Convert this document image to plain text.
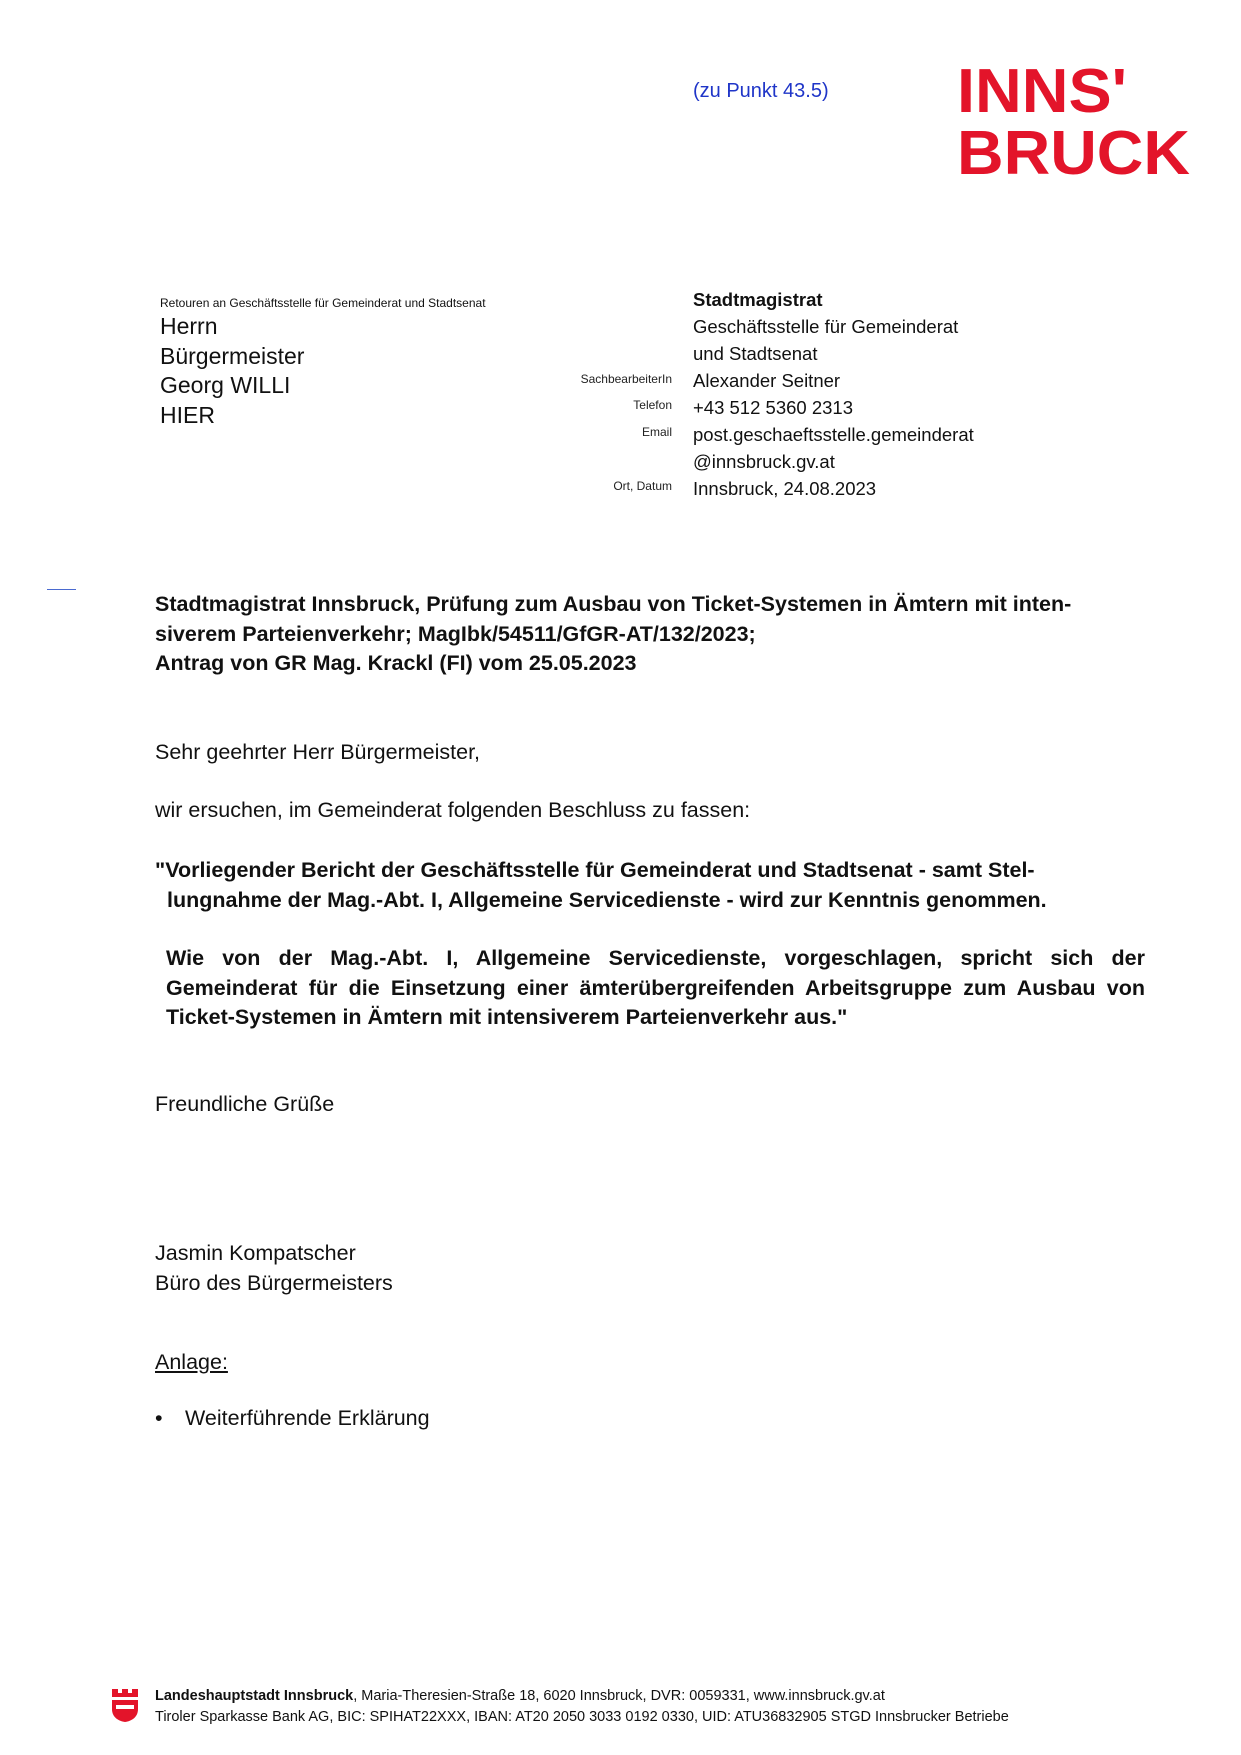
(zu Punkt 43.5) INNS'
BRUCK
Retouren an Geschäftsstelle für Gemeinderat und Stadtsenat
Herrn
Bürgermeister
Georg WILLI
HIER
SachbearbeiterIn
Telefon
Email
Ort, Datum
Stadtmagistrat
Geschäftsstelle für Gemeinderat
und Stadtsenat
Alexander Seitner
+43 512 5360 2313
post.geschaeftsstelle.gemeinderat
@innsbruck.gv.at
Innsbruck, 24.08.2023
Stadtmagistrat Innsbruck, Prüfung zum Ausbau von Ticket-Systemen in Ämtern mit inten-
siverem Parteienverkehr; MagIbk/54511/GfGR-AT/132/2023;
Antrag von GR Mag. Krackl (FI) vom 25.05.2023
Sehr geehrter Herr Bürgermeister,
wir ersuchen, im Gemeinderat folgenden Beschluss zu fassen:
"Vorliegender Bericht der Geschäftsstelle für Gemeinderat und Stadtsenat - samt Stel-
lungnahme der Mag.-Abt. I, Allgemeine Servicedienste - wird zur Kenntnis genommen.
Wie von der Mag.-Abt. I, Allgemeine Servicedienste, vorgeschlagen, spricht sich der Gemeinderat für die Einsetzung einer ämterübergreifenden Arbeitsgruppe zum Ausbau von Ticket-Systemen in Ämtern mit intensiverem Parteienverkehr aus."
Freundliche Grüße
Jasmin Kompatscher
Büro des Bürgermeisters
Anlage:
• Weiterführende Erklärung
Landeshauptstadt Innsbruck, Maria-Theresien-Straße 18, 6020 Innsbruck, DVR: 0059331, www.innsbruck.gv.at
Tiroler Sparkasse Bank AG, BIC: SPIHAT22XXX, IBAN: AT20 2050 3033 0192 0330, UID: ATU36832905 STGD Innsbrucker Betriebe
